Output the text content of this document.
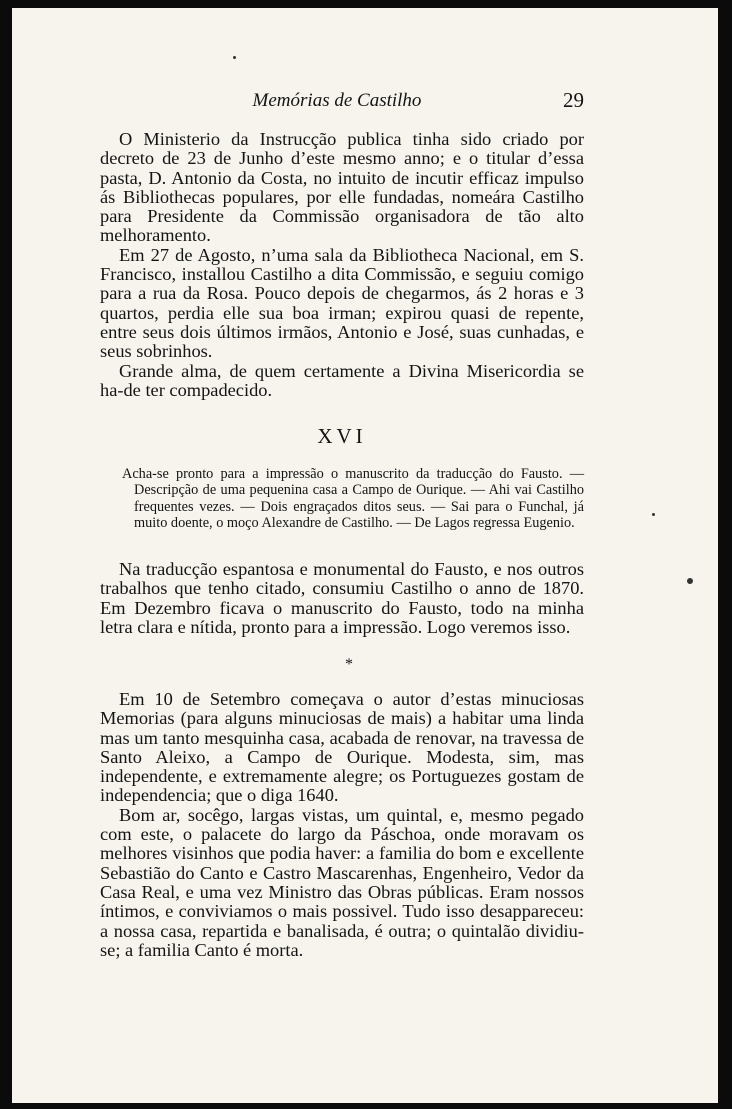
Memórias de Castilho	29

O Ministerio da Instrucção publica tinha sido criado por decreto de 23 de Junho d’este mesmo anno; e o titular d’essa pasta, D. Antonio da Costa, no intuito de incutir efficaz impulso ás Bibliothecas populares, por elle fundadas, nomeára Castilho para Presidente da Commissão organisadora de tão alto melhoramento.

Em 27 de Agosto, n’uma sala da Bibliotheca Nacional, em S. Francisco, installou Castilho a dita Commissão, e seguiu comigo para a rua da Rosa. Pouco depois de chegarmos, ás 2 horas e 3 quartos, perdia elle sua boa irman; expirou quasi de repente, entre seus dois últimos irmãos, Antonio e José, suas cunhadas, e seus sobrinhos.

Grande alma, de quem certamente a Divina Misericordia se ha-de ter compadecido.

XVI
Acha-se pronto para a impressão o manuscrito da traducção do Fausto. — Descripção de uma pequenina casa a Campo de Ourique. — Ahi vai Castilho frequentes vezes. — Dois engraçados ditos seus. — Sai para o Funchal, já muito doente, o moço Alexandre de Castilho. — De Lagos regressa Eugenio.

Na traducção espantosa e monumental do Fausto, e nos outros trabalhos que tenho citado, consumiu Castilho o anno de 1870. Em Dezembro ficava o manuscrito do Fausto, todo na minha letra clara e nítida, pronto para a impressão. Logo veremos isso.

*

Em 10 de Setembro começava o autor d’estas minuciosas Memorias (para alguns minuciosas de mais) a habitar uma linda mas um tanto mesquinha casa, acabada de renovar, na travessa de Santo Aleixo, a Campo de Ourique. Modesta, sim, mas independente, e extremamente alegre; os Portuguezes gostam de independencia; que o diga 1640.

Bom ar, socêgo, largas vistas, um quintal, e, mesmo pegado com este, o palacete do largo da Páschoa, onde moravam os melhores visinhos que podia haver: a familia do bom e excellente Sebastião do Canto e Castro Mascarenhas, Engenheiro, Vedor da Casa Real, e uma vez Ministro das Obras públicas. Eram nossos íntimos, e conviviamos o mais possivel. Tudo isso desappareceu: a nossa casa, repartida e banalisada, é outra; o quintalão dividiu-se; a familia Canto é morta.
